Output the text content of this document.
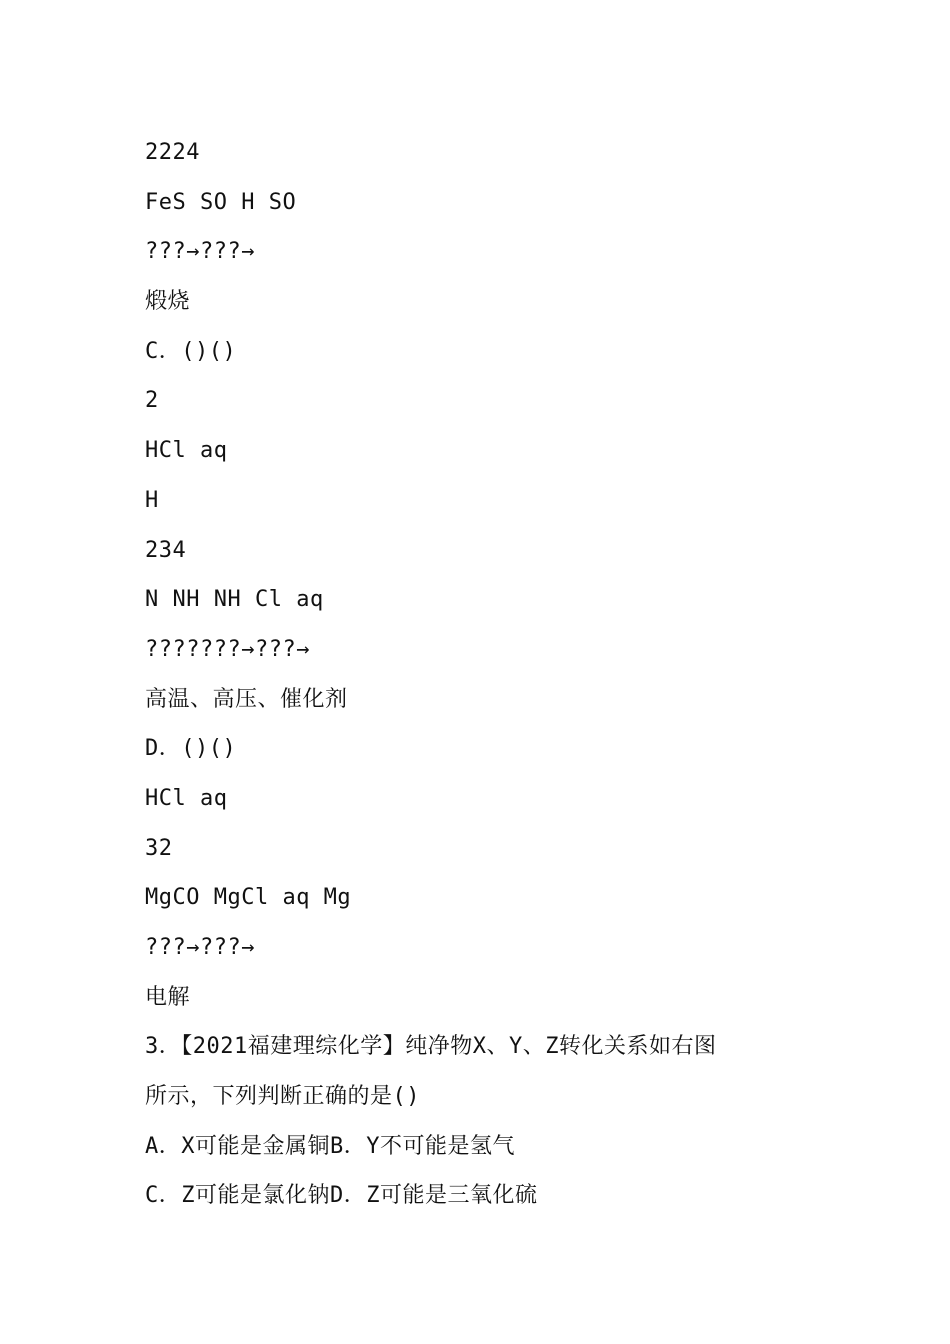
2224
FeS SO H SO
???→???→
煅烧
C．()()
2
HCl aq
H
234
N NH NH Cl aq
???????→???→
高温、高压、催化剂
D．()()
HCl aq
32
MgCO MgCl aq Mg
???→???→
电解
3．【2021福建理综化学】纯净物X、Y、Z转化关系如右图
所示，下列判断正确的是()
A．X可能是金属铜B．Y不可能是氢气
C．Z可能是氯化钠D．Z可能是三氧化硫
